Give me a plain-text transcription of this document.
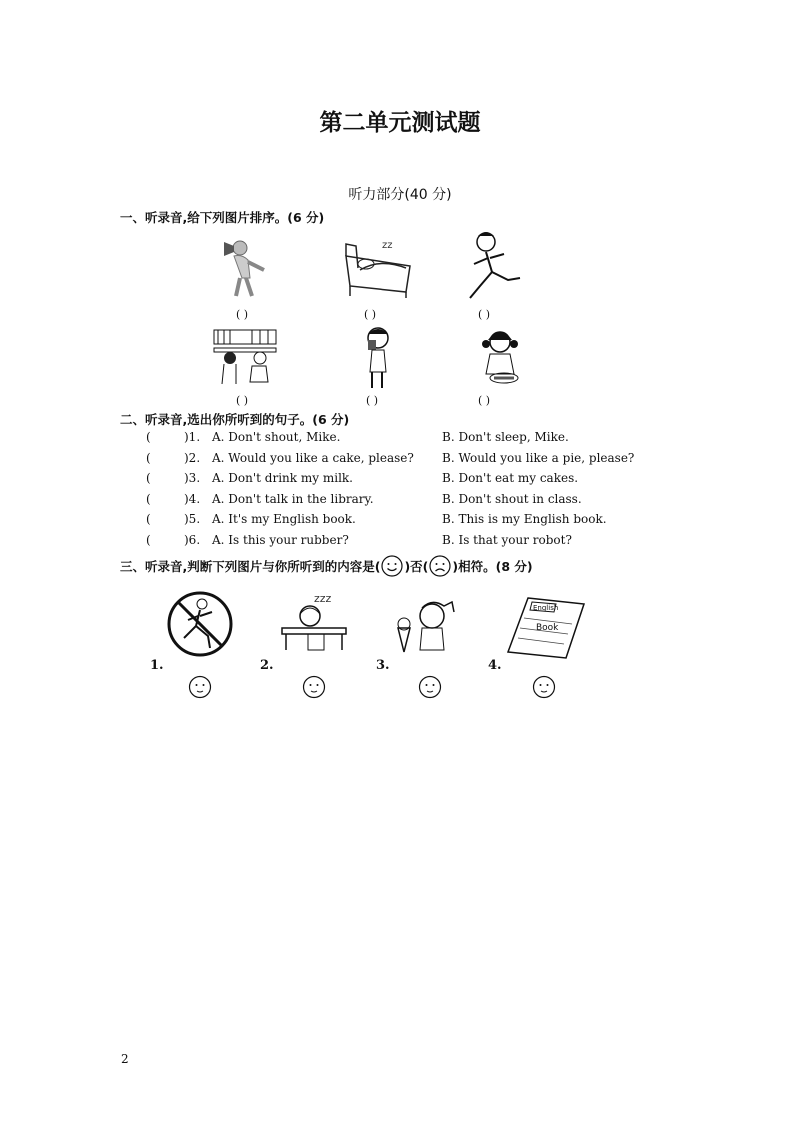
第二单元测试题
听力部分(40 分)
一、听录音,给下列图片排序。(6 分)
( )
zz
( )	( )
( )	( )	( )
二、听录音,选出你所听到的句子。(6 分)
(	)1. A. Don't shout, Mike.	B. Don't sleep, Mike.
(	)2. A. Would you like a cake, please? B. Would you like a pie, please?
(	)3. A. Don't drink my milk.	B. Don't eat my cakes.
(	)4. A. Don't talk in the library.	B. Don't shout in class.
(	)5. A. It's my English book.	B. This is my English book.
(	)6. A. Is this your rubber?	B. Is that your robot?
三、听录音,判断下列图片与你所听到的内容是( )否( )相符。(8 分)
1.
zzz
2.	3.
English
Book
4.
2
